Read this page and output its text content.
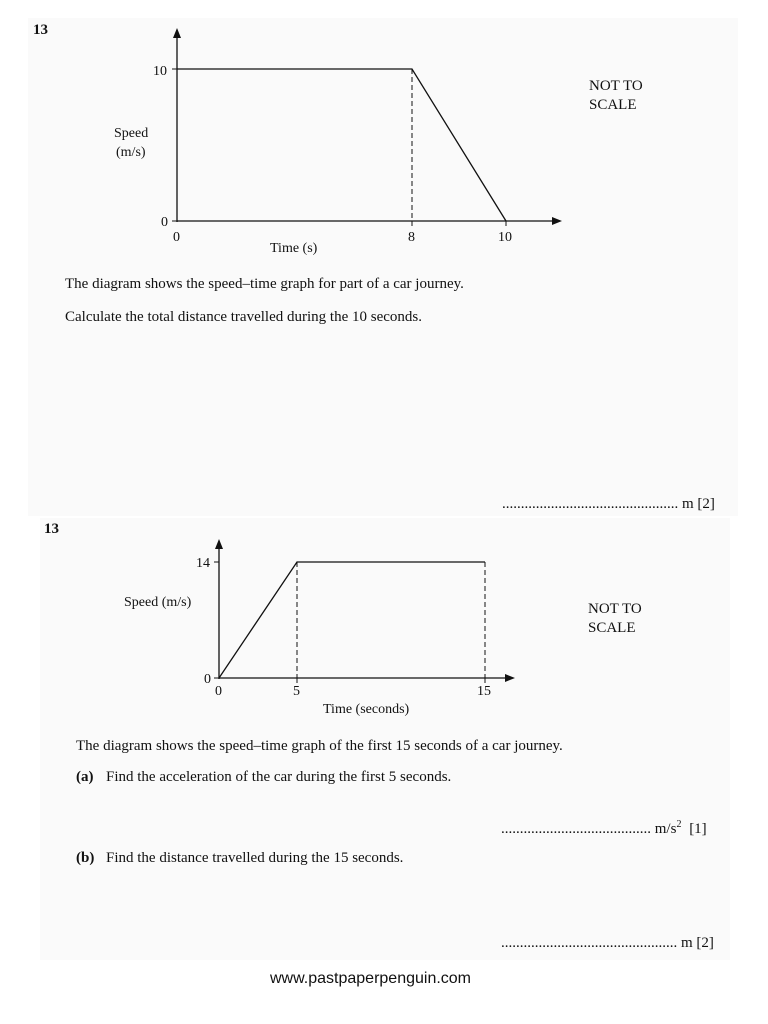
13
10
0
0	8	10
Speed
(m/s)
Time (s)
14
0
0	5	15
Speed (m/s)
Time (seconds)
NOT TO
SCALE
The diagram shows the speed–time graph for part of a car journey.
Calculate the total distance travelled during the 10 seconds.
............................................... m [2]
13
NOT TO
SCALE
The diagram shows the speed–time graph of the first 15 seconds of a car journey.
(a) Find the acceleration of the car during the first 5 seconds.
........................................ $m/s^2$ [1]
(b) Find the distance travelled during the 15 seconds.
............................................... m [2]
www.pastpaperpenguin.com
